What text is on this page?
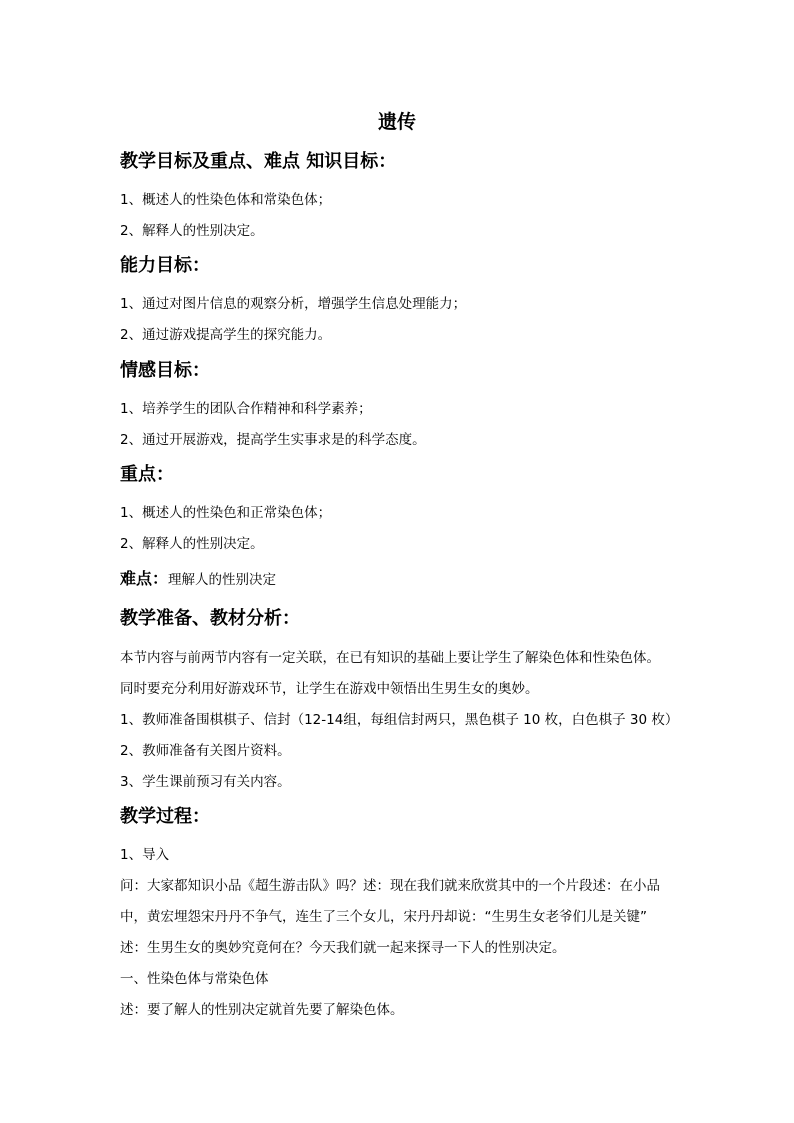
遗传
教学目标及重点、难点 知识目标：
1、概述人的性染色体和常染色体；
2、解释人的性别决定。
能力目标：
1、通过对图片信息的观察分析，增强学生信息处理能力；
2、通过游戏提高学生的探究能力。
情感目标：
1、培养学生的团队合作精神和科学素养；
2、通过开展游戏，提高学生实事求是的科学态度。
重点：
1、概述人的性染色和正常染色体；
2、解释人的性别决定。
难点：理解人的性别决定
教学准备、教材分析：
本节内容与前两节内容有一定关联，在已有知识的基础上要让学生了解染色体和性染色体。
同时要充分利用好游戏环节，让学生在游戏中领悟出生男生女的奥妙。
1、教师准备围棋棋子、信封（12-14组，每组信封两只，黑色棋子 10 枚，白色棋子 30 枚）
2、教师准备有关图片资料。
3、学生课前预习有关内容。
教学过程：
1、导入
问：大家都知识小品《超生游击队》吗？述：现在我们就来欣赏其中的一个片段述：在小品
中，黄宏埋怨宋丹丹不争气，连生了三个女儿，宋丹丹却说：“生男生女老爷们儿是关键”
述：生男生女的奥妙究竟何在？今天我们就一起来探寻一下人的性别决定。
一、性染色体与常染色体
述：要了解人的性别决定就首先要了解染色体。
